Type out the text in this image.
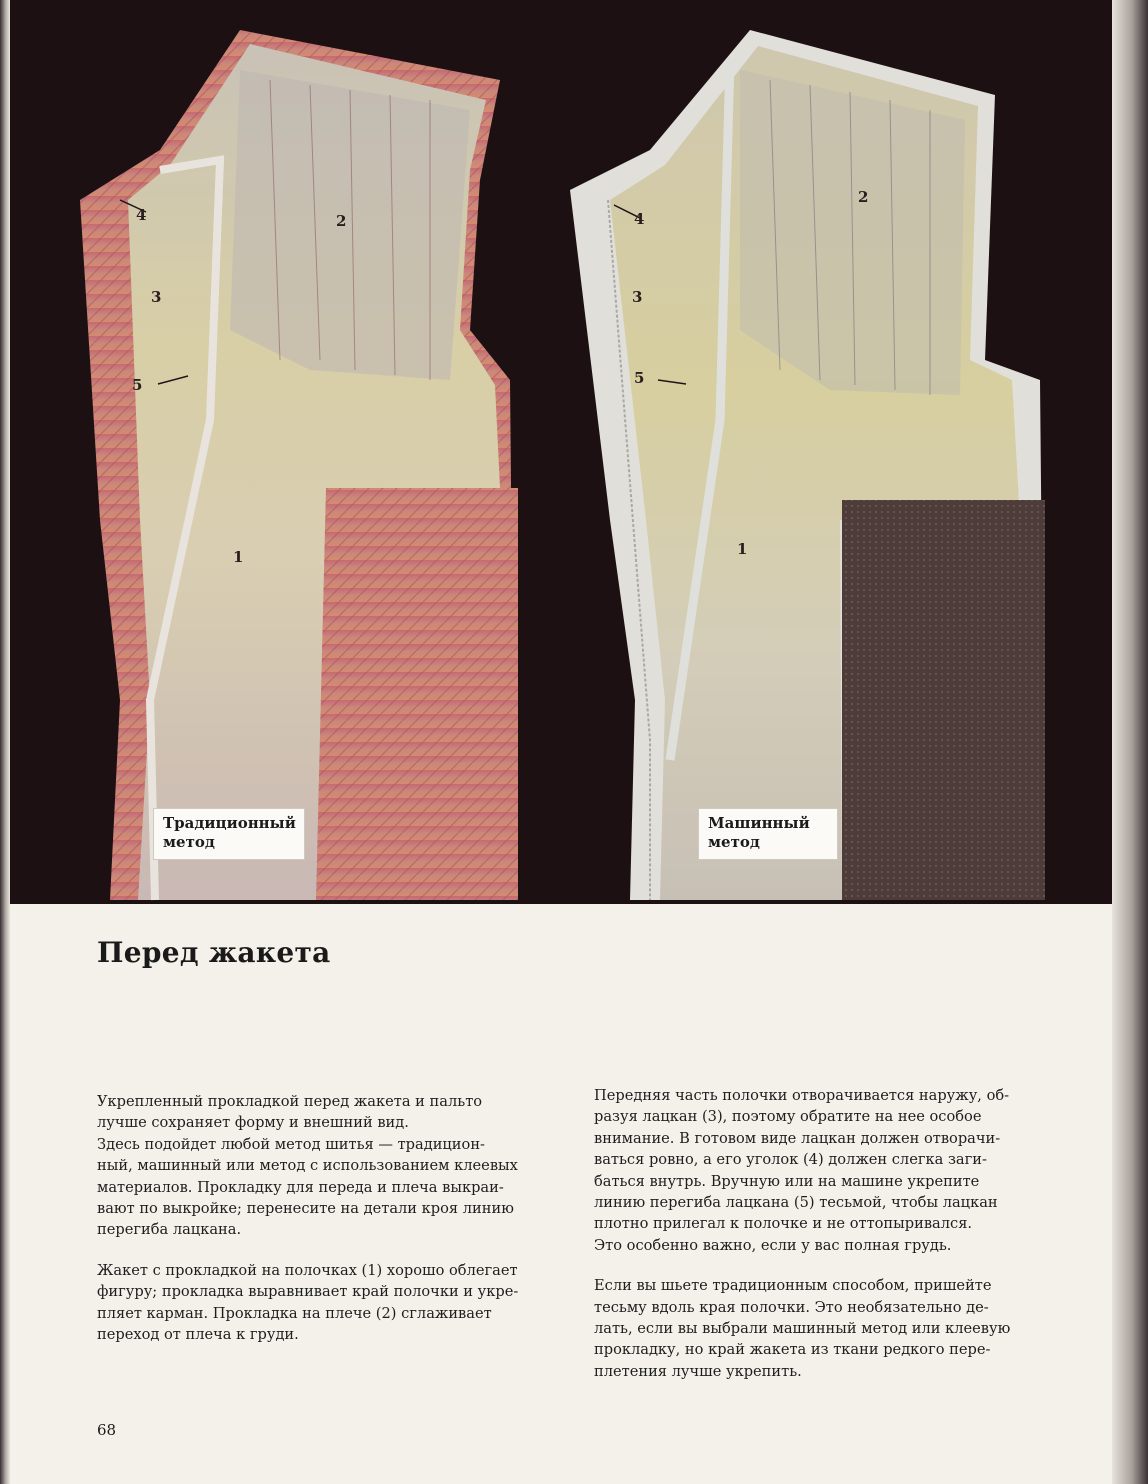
1
2
3
4
5
1
2
3
4
5
Традиционный
метод
Машинный
метод
Перед жакета

Укрепленный прокладкой перед жакета и пальто
лучше сохраняет форму и внешний вид.
Здесь подойдет любой метод шитья — традицион-
ный, машинный или метод с использованием клеевых
материалов. Прокладку для переда и плеча выкраи-
вают по выкройке; перенесите на детали кроя линию
перегиба лацкана.

Жакет с прокладкой на полочках (1) хорошо облегает
фигуру; прокладка выравнивает край полочки и укре-
пляет карман. Прокладка на плече (2) сглаживает
переход от плеча к груди.

Передняя часть полочки отворачивается наружу, об-
разуя лацкан (3), поэтому обратите на нее особое
внимание. В готовом виде лацкан должен отворачи-
ваться ровно, а его уголок (4) должен слегка заги-
баться внутрь. Вручную или на машине укрепите
линию перегиба лацкана (5) тесьмой, чтобы лацкан
плотно прилегал к полочке и не оттопыривался.
Это особенно важно, если у вас полная грудь.

Если вы шьете традиционным способом, пришейте
тесьму вдоль края полочки. Это необязательно де-
лать, если вы выбрали машинный метод или клеевую
прокладку, но край жакета из ткани редкого пере-
плетения лучше укрепить.

68
